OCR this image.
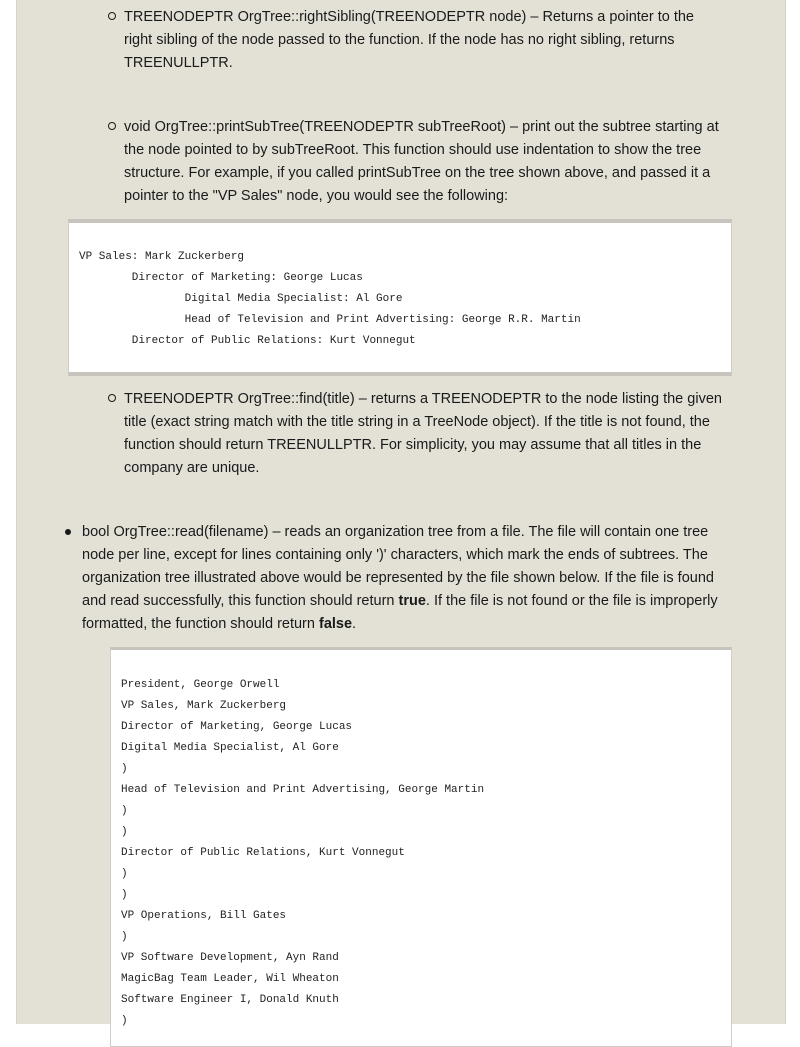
TREENODEPTR OrgTree::rightSibling(TREENODEPTR node) – Returns a pointer to the
right sibling of the node passed to the function. If the node has no right sibling, returns
TREENULLPTR.
void OrgTree::printSubTree(TREENODEPTR subTreeRoot) – print out the subtree starting at
the node pointed to by subTreeRoot. This function should use indentation to show the tree
structure. For example, if you called printSubTree on the tree shown above, and passed it a
pointer to the "VP Sales" node, you would see the following:
VP Sales: Mark Zuckerberg
Director of Marketing: George Lucas
Digital Media Specialist: Al Gore
Head of Television and Print Advertising: George R.R. Martin
Director of Public Relations: Kurt Vonnegut
TREENODEPTR OrgTree::find(title) – returns a TREENODEPTR to the node listing the given
title (exact string match with the title string in a TreeNode object). If the title is not found, the
function should return TREENULLPTR. For simplicity, you may assume that all titles in the
company are unique.
bool OrgTree::read(filename) – reads an organization tree from a file. The file will contain one tree
node per line, except for lines containing only ')' characters, which mark the ends of subtrees. The
organization tree illustrated above would be represented by the file shown below. If the file is found
and read successfully, this function should return true. If the file is not found or the file is improperly
formatted, the function should return false.
President, George Orwell
VP Sales, Mark Zuckerberg
Director of Marketing, George Lucas
Digital Media Specialist, Al Gore
)
Head of Television and Print Advertising, George Martin
)
)
Director of Public Relations, Kurt Vonnegut
)
)
VP Operations, Bill Gates
)
VP Software Development, Ayn Rand
MagicBag Team Leader, Wil Wheaton
Software Engineer I, Donald Knuth
)
